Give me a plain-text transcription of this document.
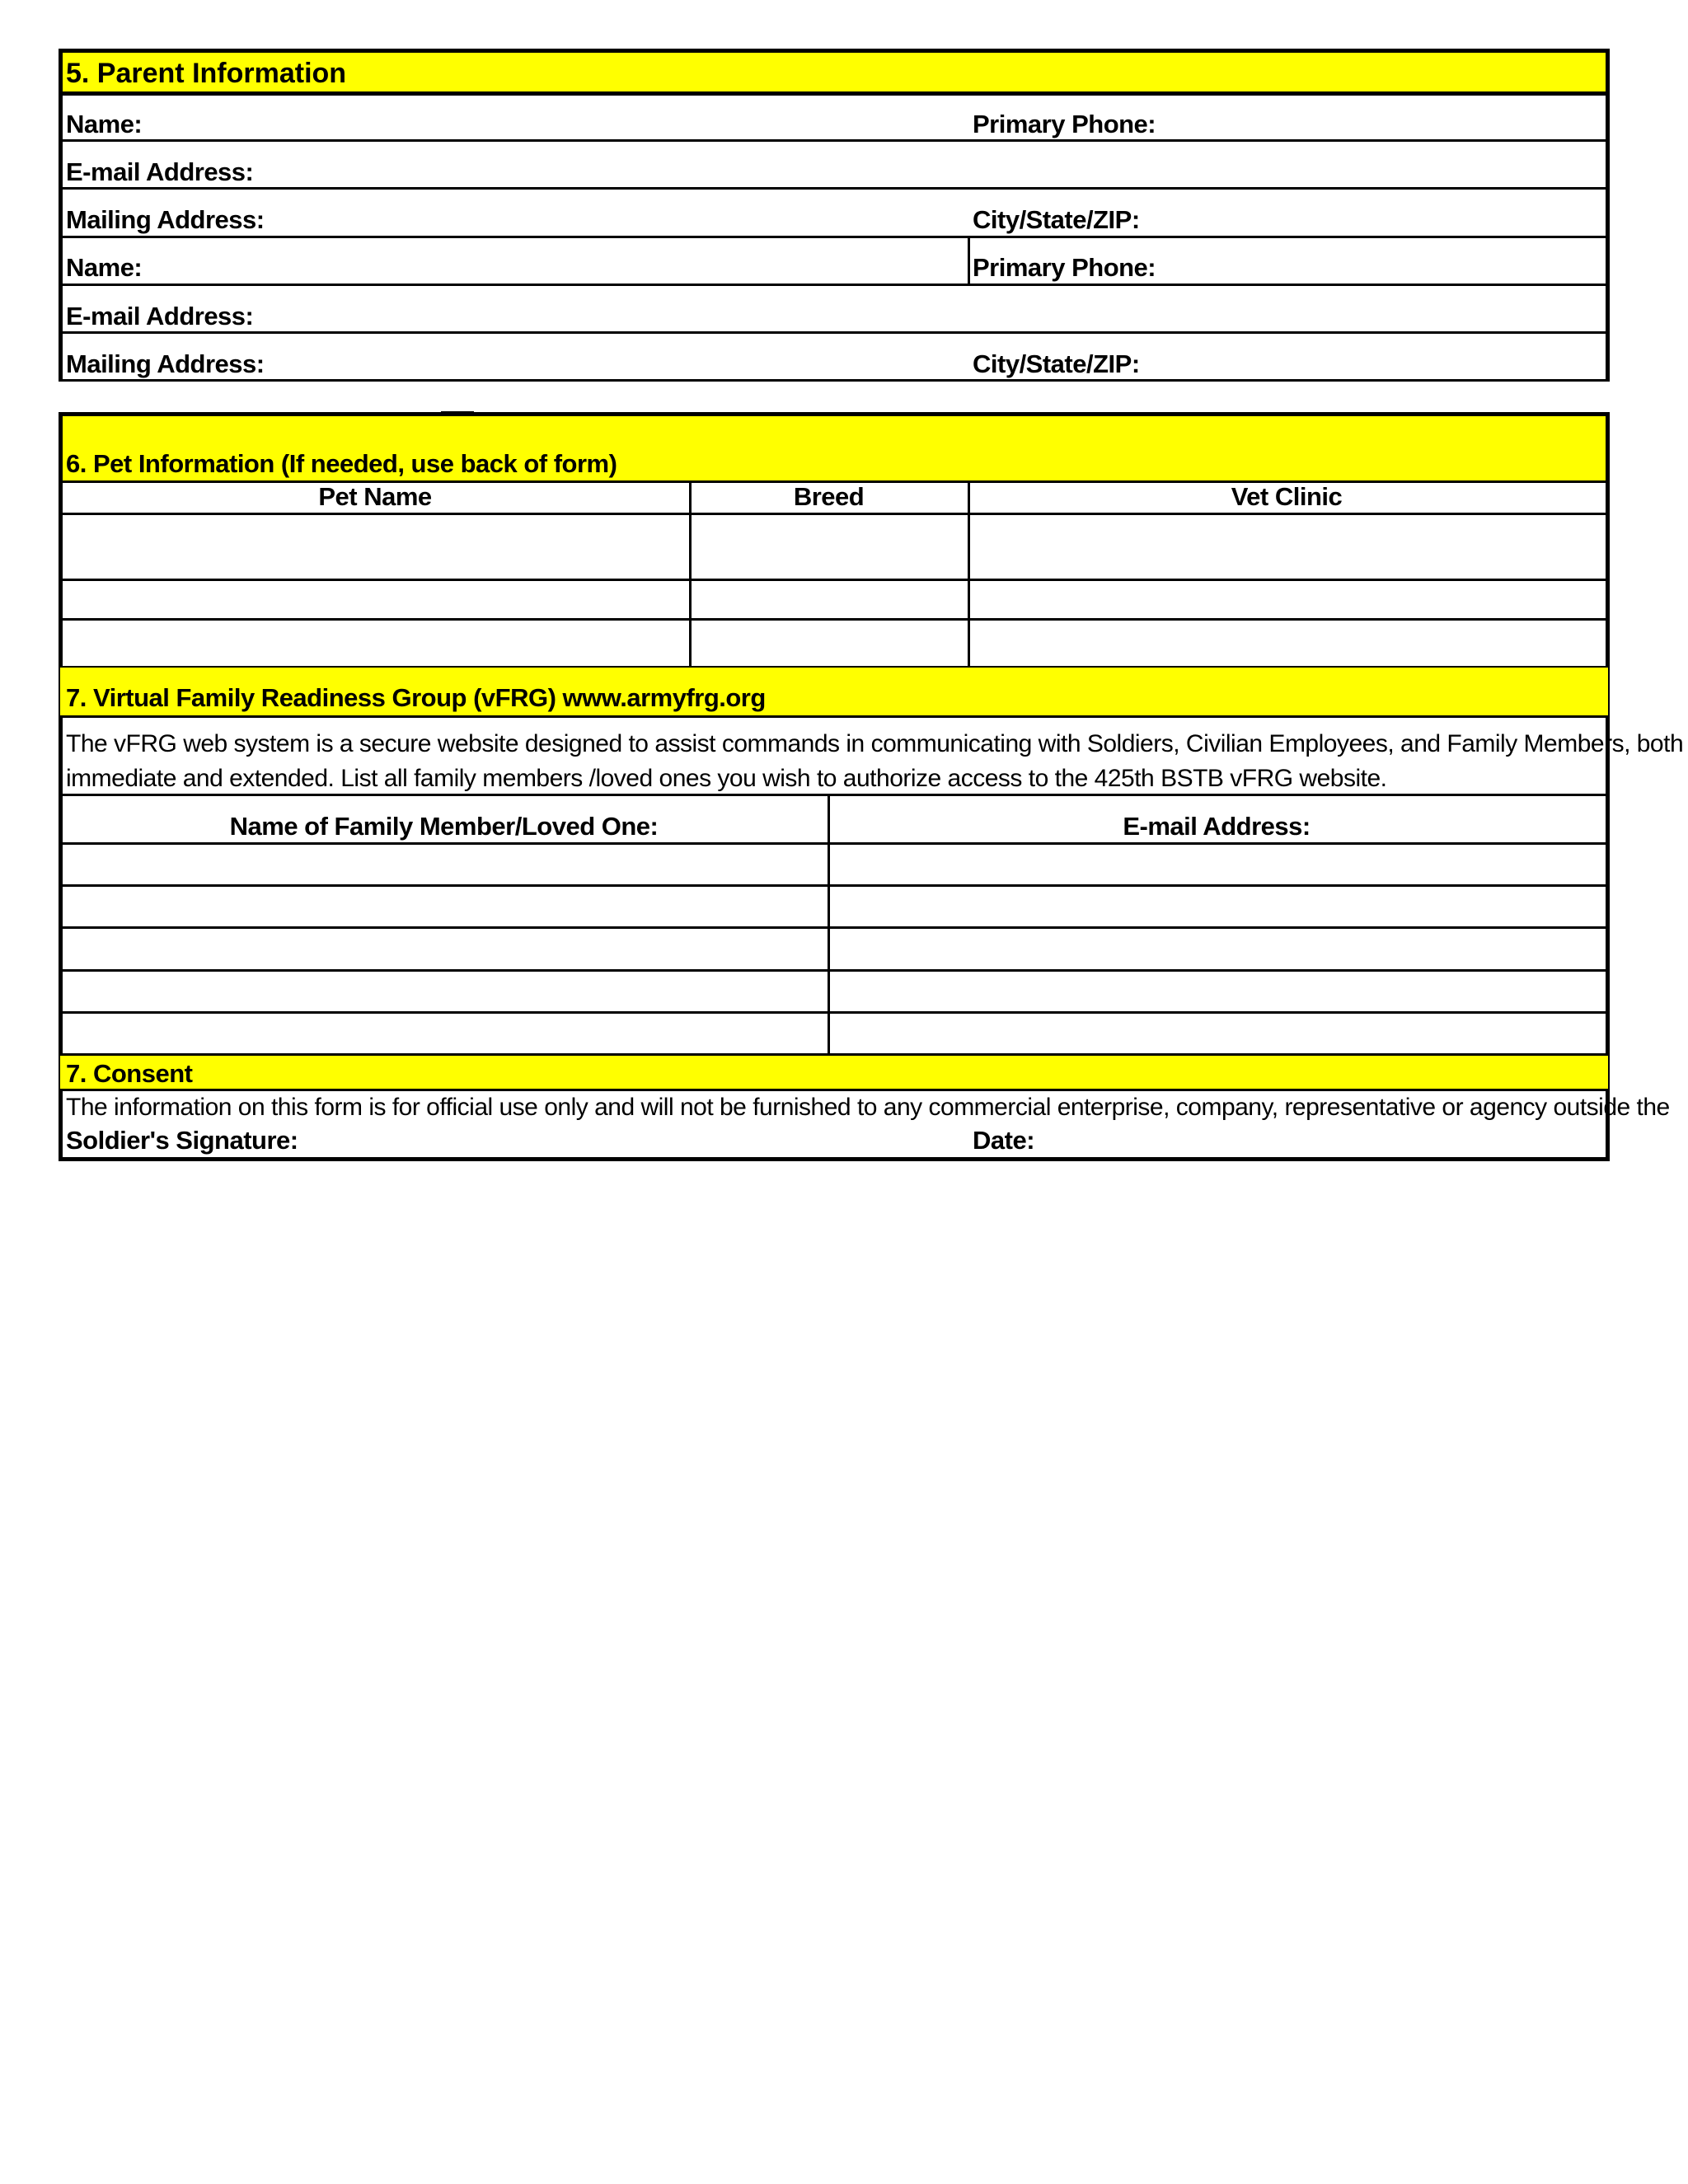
5. Parent Information
Name:	Primary Phone:
E-mail Address:
Mailing Address:	City/State/ZIP:
Name:	Primary Phone:
E-mail Address:
Mailing Address:	City/State/ZIP:
6. Pet Information (If needed, use back of form)
Pet Name	Breed	Vet Clinic
7. Virtual Family Readiness Group (vFRG) www.armyfrg.org
The vFRG web system is a secure website designed to assist commands in communicating with Soldiers, Civilian Employees, and Family Members, both
immediate and extended. List all family members /loved ones you wish to authorize access to the 425th BSTB vFRG website.
Name of Family Member/Loved One:	E-mail Address:
7. Consent
The information on this form is for official use only and will not be furnished to any commercial enterprise, company, representative or agency outside the
Soldier's Signature:	Date:
